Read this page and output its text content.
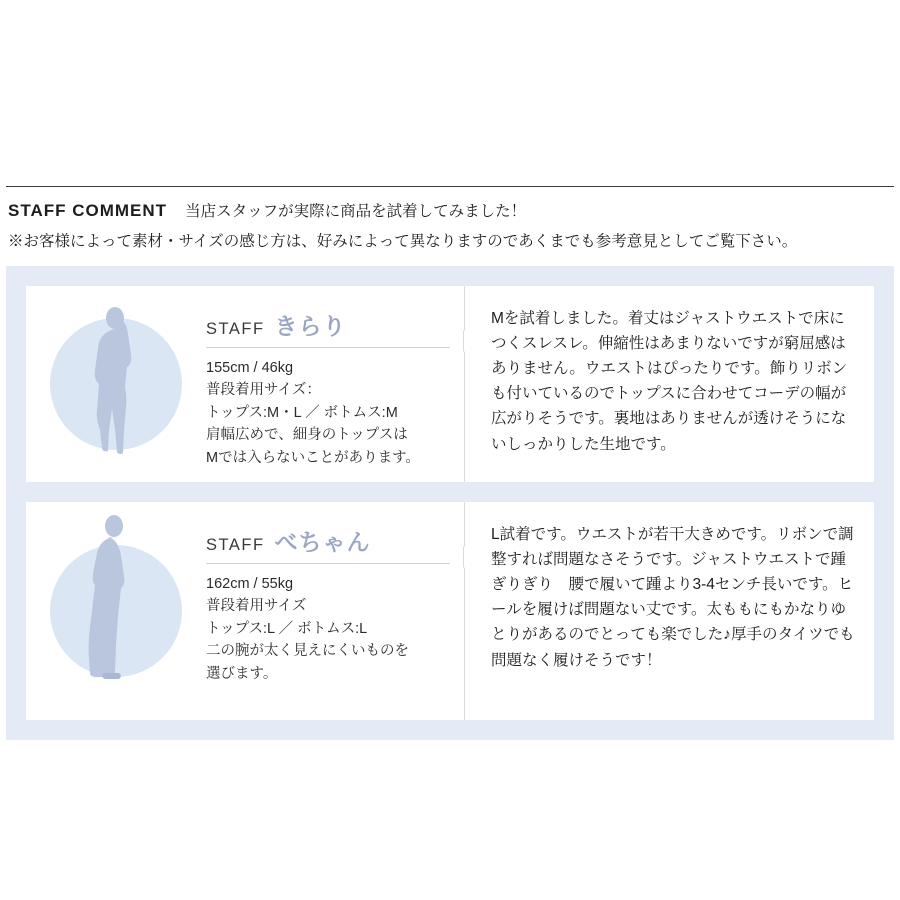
STAFF COMMENT 当店スタッフが実際に商品を試着してみました！
※お客様によって素材・サイズの感じ方は、好みによって異なりますのであくまでも参考意見としてご覧下さい。
STAFF きらり
155cm / 46kg
普段着用サイズ：
トップス:M・L ／ ボトムス:M
肩幅広めで、細身のトップスは
Mでは入らないことがあります。
Mを試着しました。着丈はジャストウエストで床につくスレスレ。伸縮性はあまりないですが窮屈感はありません。ウエストはぴったりです。飾りリボンも付いているのでトップスに合わせてコーデの幅が広がりそうです。裏地はありませんが透けそうにないしっかりした生地です。
STAFF べちゃん
162cm / 55kg
普段着用サイズ
トップス:L ／ ボトムス:L
二の腕が太く見えにくいものを
選びます。
L試着です。ウエストが若干大きめです。リボンで調整すれば問題なさそうです。ジャストウエストで踵ぎりぎり　腰で履いて踵より3-4センチ長いです。ヒールを履けば問題ない丈です。太ももにもかなりゆとりがあるのでとっても楽でした♪厚手のタイツでも問題なく履けそうです！
